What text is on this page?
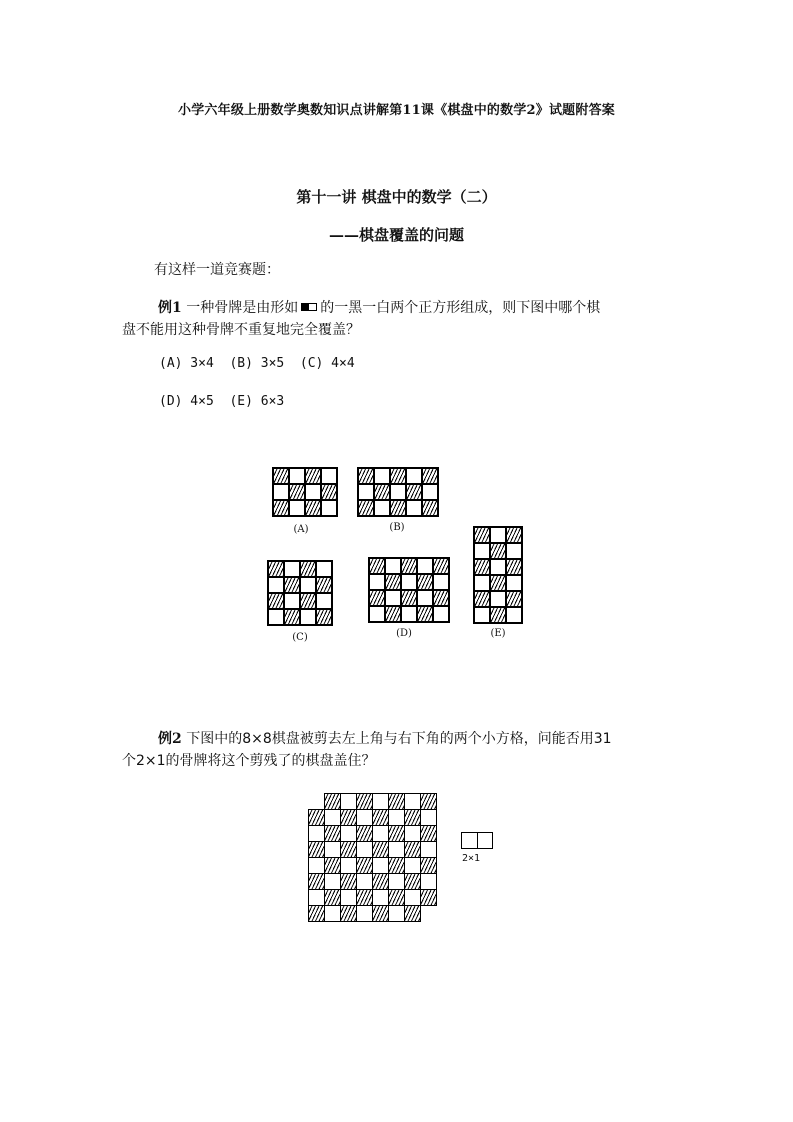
小学六年级上册数学奥数知识点讲解第11课《棋盘中的数学2》试题附答案
第十一讲 棋盘中的数学（二）
——棋盘覆盖的问题
有这样一道竞赛题：
例1 一种骨牌是由形如 的一黑一白两个正方形组成，则下图中哪个棋
盘不能用这种骨牌不重复地完全覆盖？
(A) 3×4  (B) 3×5  (C) 4×4
(D) 4×5  (E) 6×3
(A)	(B)
(C)	(D)	(E)
例2 下图中的8×8棋盘被剪去左上角与右下角的两个小方格，问能否用31
个2×1的骨牌将这个剪残了的棋盘盖住？
2×1
